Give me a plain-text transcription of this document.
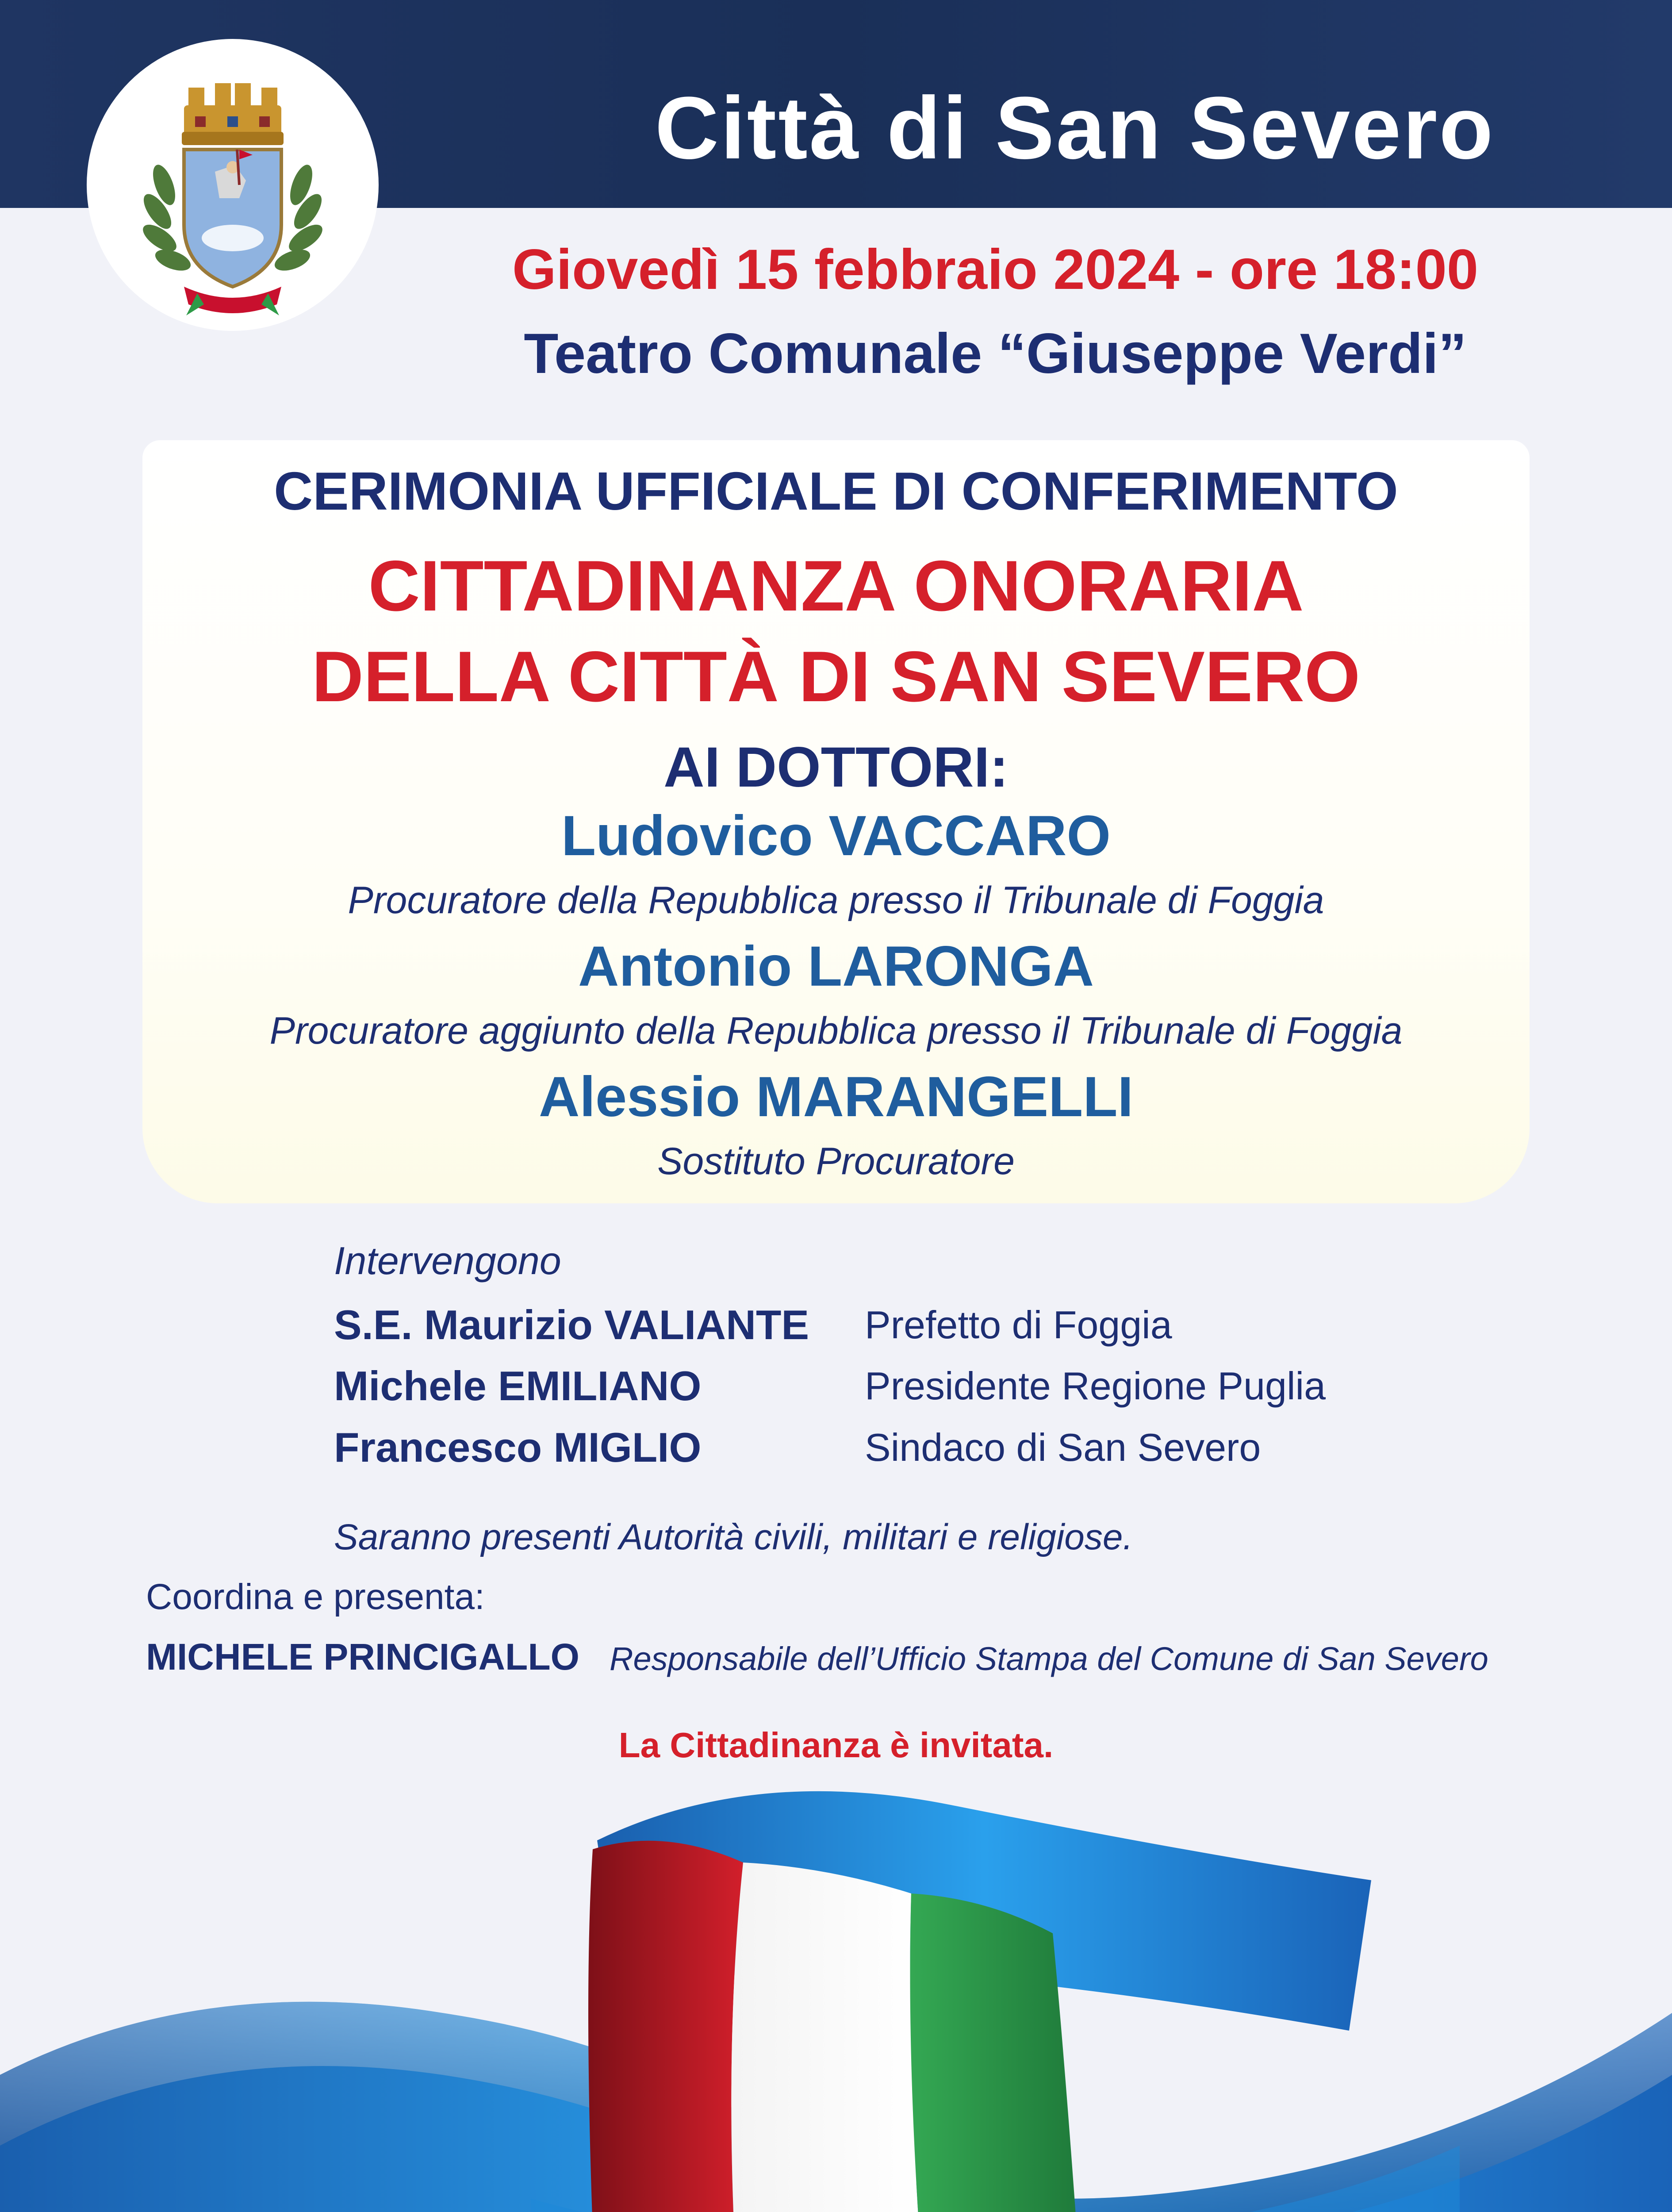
Città di San Severo
Giovedì 15 febbraio 2024 - ore 18:00
Teatro Comunale “Giuseppe Verdi”
CERIMONIA UFFICIALE DI CONFERIMENTO
CITTADINANZA ONORARIA
DELLA CITTÀ DI SAN SEVERO
AI DOTTORI:
Ludovico VACCARO
Procuratore della Repubblica presso il Tribunale di Foggia
Antonio LARONGA
Procuratore aggiunto della Repubblica presso il Tribunale di Foggia
Alessio MARANGELLI
Sostituto Procuratore
Intervengono
S.E. Maurizio VALIANTE Prefetto di Foggia
Michele EMILIANO	Presidente Regione Puglia
Francesco MIGLIO	Sindaco di San Severo
Saranno presenti Autorità civili, militari e religiose.
Coordina e presenta:
MICHELE PRINCIGALLO Responsabile dell’Ufficio Stampa del Comune di San Severo
La Cittadinanza è invitata.
